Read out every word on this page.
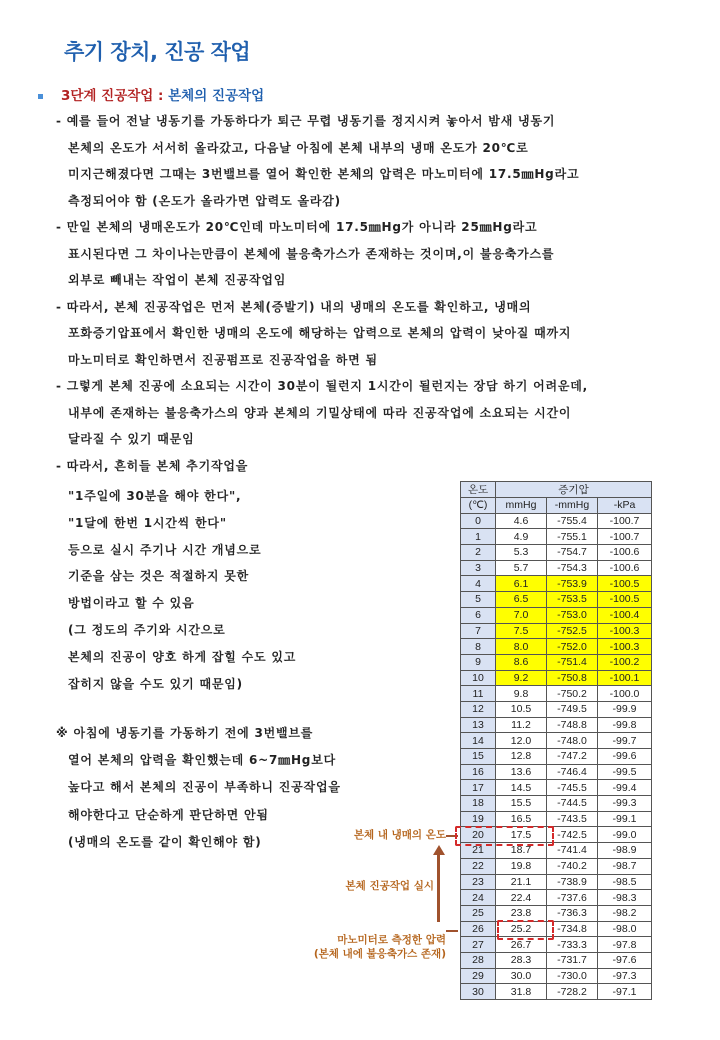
추기 장치, 진공 작업
3단계 진공작업 : 본체의 진공작업

- 예를 들어 전날 냉동기를 가동하다가 퇴근 무렵 냉동기를 정지시켜 놓아서 밤새 냉동기

본체의 온도가 서서히 올라갔고, 다음날 아침에 본체 내부의 냉매 온도가 20℃로

미지근해졌다면 그때는 3번밸브를 열어 확인한 본체의 압력은 마노미터에 17.5㎜Hg라고

측정되어야 함 (온도가 올라가면 압력도 올라감)

- 만일 본체의 냉매온도가 20℃인데 마노미터에 17.5㎜Hg가 아니라 25㎜Hg라고

표시된다면 그 차이나는만큼이 본체에 불응축가스가 존재하는 것이며,이 불응축가스를

외부로 빼내는 작업이 본체 진공작업임

- 따라서, 본체 진공작업은 먼저 본체(증발기) 내의 냉매의 온도를 확인하고, 냉매의

포화증기압표에서 확인한 냉매의 온도에 해당하는 압력으로 본체의 압력이 낮아질 때까지

마노미터로 확인하면서 진공펌프로 진공작업을 하면 됨

- 그렇게 본체 진공에 소요되는 시간이 30분이 될런지 1시간이 될런지는 장담 하기 어려운데,

내부에 존재하는 불응축가스의 양과 본체의 기밀상태에 따라 진공작업에 소요되는 시간이

달라질 수 있기 때문임

- 따라서, 흔히들 본체 추기작업을

"1주일에 30분을 해야 한다",

"1달에 한번 1시간씩 한다"

등으로 실시 주기나 시간 개념으로

기준을 삼는 것은 적절하지 못한

방법이라고 할 수 있음

(그 정도의 주기와 시간으로

본체의 진공이 양호 하게 잡힐 수도 있고

잡히지 않을 수도 있기 때문임)

※ 아침에 냉동기를 가동하기 전에 3번밸브를

열어 본체의 압력을 확인했는데 6~7㎜Hg보다

높다고 해서 본체의 진공이 부족하니 진공작업을

해야한다고 단순하게 판단하면 안됨

(냉매의 온도를 같이 확인해야 함)

온도	증기압		
(℃)	mmHg	-mmHg	-kPa
0	4.6	-755.4	-100.7
1	4.9	-755.1	-100.7
2	5.3	-754.7	-100.6
3	5.7	-754.3	-100.6
4	6.1	-753.9	-100.5
5	6.5	-753.5	-100.5
6	7.0	-753.0	-100.4
7	7.5	-752.5	-100.3
8	8.0	-752.0	-100.3
9	8.6	-751.4	-100.2
10	9.2	-750.8	-100.1
11	9.8	-750.2	-100.0
12	10.5	-749.5	-99.9
13	11.2	-748.8	-99.8
14	12.0	-748.0	-99.7
15	12.8	-747.2	-99.6
16	13.6	-746.4	-99.5
17	14.5	-745.5	-99.4
18	15.5	-744.5	-99.3
19	16.5	-743.5	-99.1
20	17.5	-742.5	-99.0
21	18.7	-741.4	-98.9
22	19.8	-740.2	-98.7
23	21.1	-738.9	-98.5
24	22.4	-737.6	-98.3
25	23.8	-736.3	-98.2
26	25.2	-734.8	-98.0
27	26.7	-733.3	-97.8
28	28.3	-731.7	-97.6
29	30.0	-730.0	-97.3
30	31.8	-728.2	-97.1
본체 내 냉매의 온도
본체 진공작업 실시
마노미터로 측정한 압력
(본체 내에 불응축가스 존재)
